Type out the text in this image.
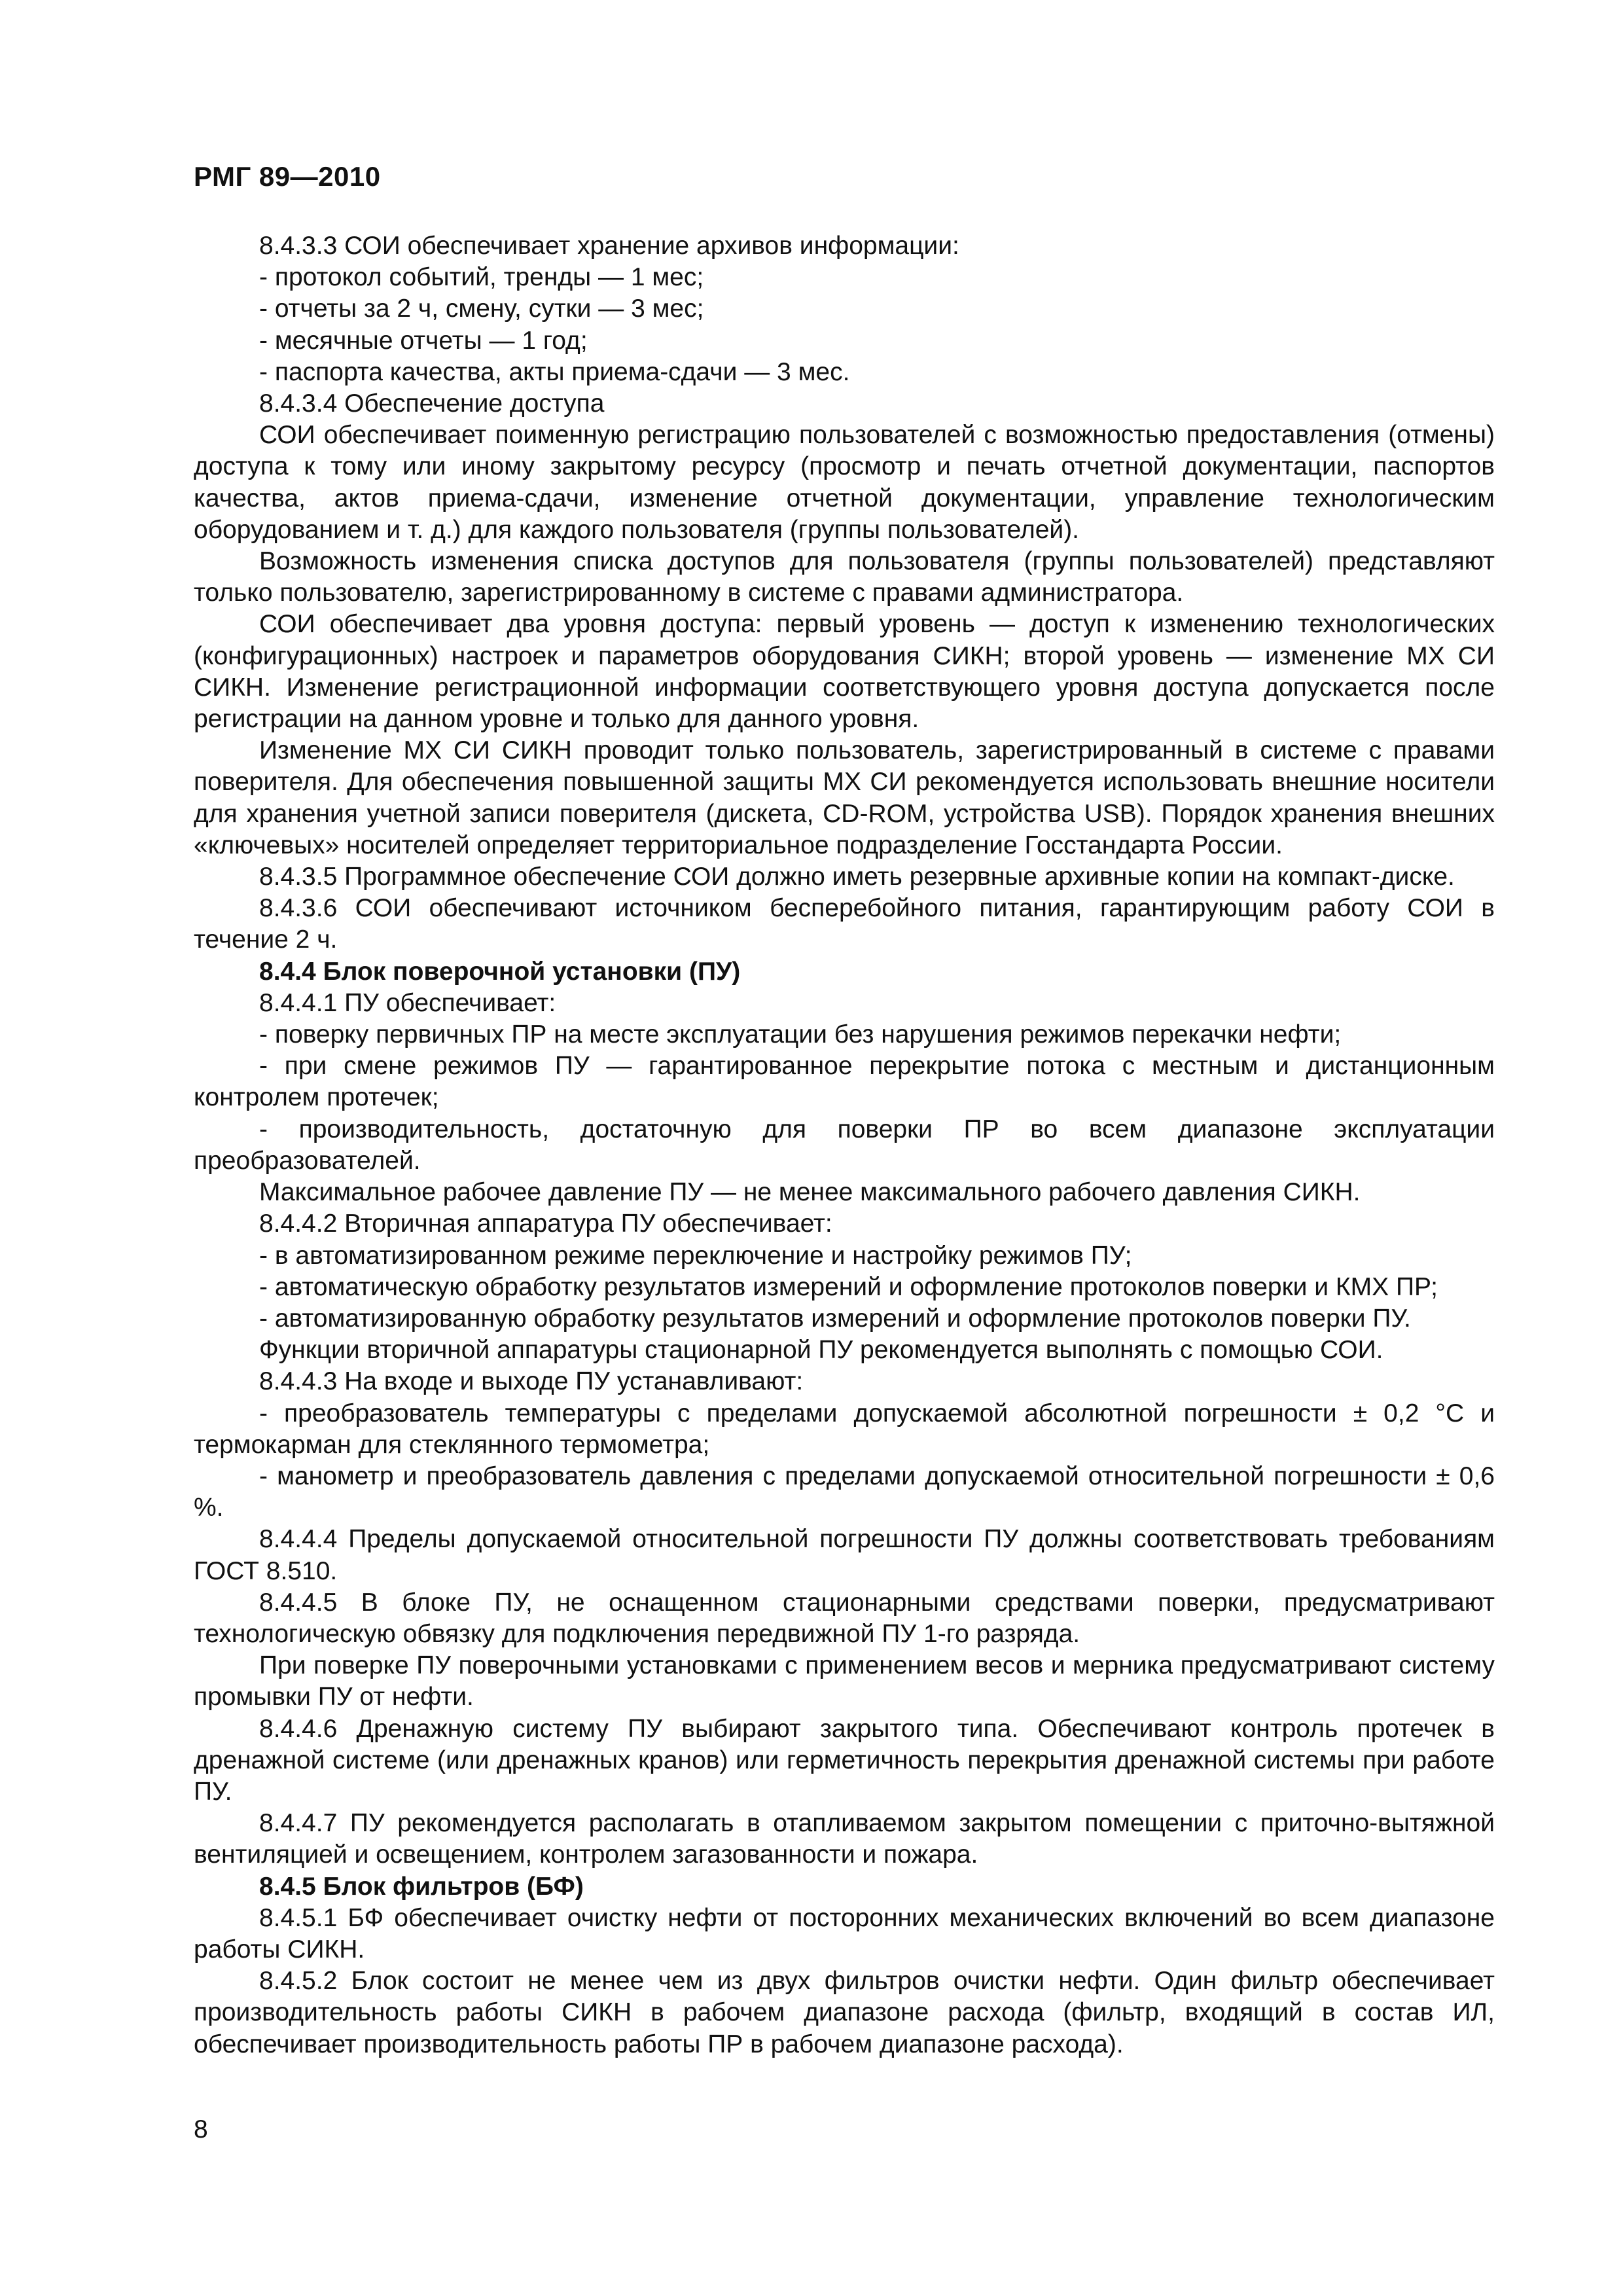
РМГ 89—2010

8.4.3.3 СОИ обеспечивает хранение архивов информации:

- протокол событий, тренды — 1 мес;

- отчеты за 2 ч, смену, сутки — 3 мес;

- месячные отчеты — 1 год;

- паспорта качества, акты приема-сдачи — 3 мес.

8.4.3.4 Обеспечение доступа

СОИ обеспечивает поименную регистрацию пользователей с возможностью предоставления (отмены) доступа к тому или иному закрытому ресурсу (просмотр и печать отчетной документации, паспортов качества, актов приема-сдачи, изменение отчетной документации, управление технологическим оборудованием и т. д.) для каждого пользователя (группы пользователей).

Возможность изменения списка доступов для пользователя (группы пользователей) представляют только пользователю, зарегистрированному в системе с правами администратора.

СОИ обеспечивает два уровня доступа: первый уровень — доступ к изменению технологических (конфигурационных) настроек и параметров оборудования СИКН; второй уровень — изменение МХ СИ СИКН. Изменение регистрационной информации соответствующего уровня доступа допускается после регистрации на данном уровне и только для данного уровня.

Изменение МХ СИ СИКН проводит только пользователь, зарегистрированный в системе с правами поверителя. Для обеспечения повышенной защиты МХ СИ рекомендуется использовать внешние носители для хранения учетной записи поверителя (дискета, CD-ROM, устройства USB). Порядок хранения внешних «ключевых» носителей определяет территориальное подразделение Госстандарта России.

8.4.3.5 Программное обеспечение СОИ должно иметь резервные архивные копии на компакт-диске.

8.4.3.6 СОИ обеспечивают источником бесперебойного питания, гарантирующим работу СОИ в течение 2 ч.

8.4.4 Блок поверочной установки (ПУ)

8.4.4.1 ПУ обеспечивает:

- поверку первичных ПР на месте эксплуатации без нарушения режимов перекачки нефти;

- при смене режимов ПУ — гарантированное перекрытие потока с местным и дистанционным контролем протечек;

- производительность, достаточную для поверки ПР во всем диапазоне эксплуатации преобразователей.

Максимальное рабочее давление ПУ — не менее максимального рабочего давления СИКН.

8.4.4.2 Вторичная аппаратура ПУ обеспечивает:

- в автоматизированном режиме переключение и настройку режимов ПУ;

- автоматическую обработку результатов измерений и оформление протоколов поверки и КМХ ПР;

- автоматизированную обработку результатов измерений и оформление протоколов поверки ПУ.

Функции вторичной аппаратуры стационарной ПУ рекомендуется выполнять с помощью СОИ.

8.4.4.3 На входе и выходе ПУ устанавливают:

- преобразователь температуры с пределами допускаемой абсолютной погрешности ± 0,2 °С и термокарман для стеклянного термометра;

- манометр и преобразователь давления с пределами допускаемой относительной погрешности ± 0,6 %.

8.4.4.4 Пределы допускаемой относительной погрешности ПУ должны соответствовать требованиям ГОСТ 8.510.

8.4.4.5 В блоке ПУ, не оснащенном стационарными средствами поверки, предусматривают технологическую обвязку для подключения передвижной ПУ 1-го разряда.

При поверке ПУ поверочными установками с применением весов и мерника предусматривают систему промывки ПУ от нефти.

8.4.4.6 Дренажную систему ПУ выбирают закрытого типа. Обеспечивают контроль протечек в дренажной системе (или дренажных кранов) или герметичность перекрытия дренажной системы при работе ПУ.

8.4.4.7 ПУ рекомендуется располагать в отапливаемом закрытом помещении с приточно-вытяжной вентиляцией и освещением, контролем загазованности и пожара.

8.4.5 Блок фильтров (БФ)

8.4.5.1 БФ обеспечивает очистку нефти от посторонних механических включений во всем диапазоне работы СИКН.

8.4.5.2 Блок состоит не менее чем из двух фильтров очистки нефти. Один фильтр обеспечивает производительность работы СИКН в рабочем диапазоне расхода (фильтр, входящий в состав ИЛ, обеспечивает производительность работы ПР в рабочем диапазоне расхода).

8
